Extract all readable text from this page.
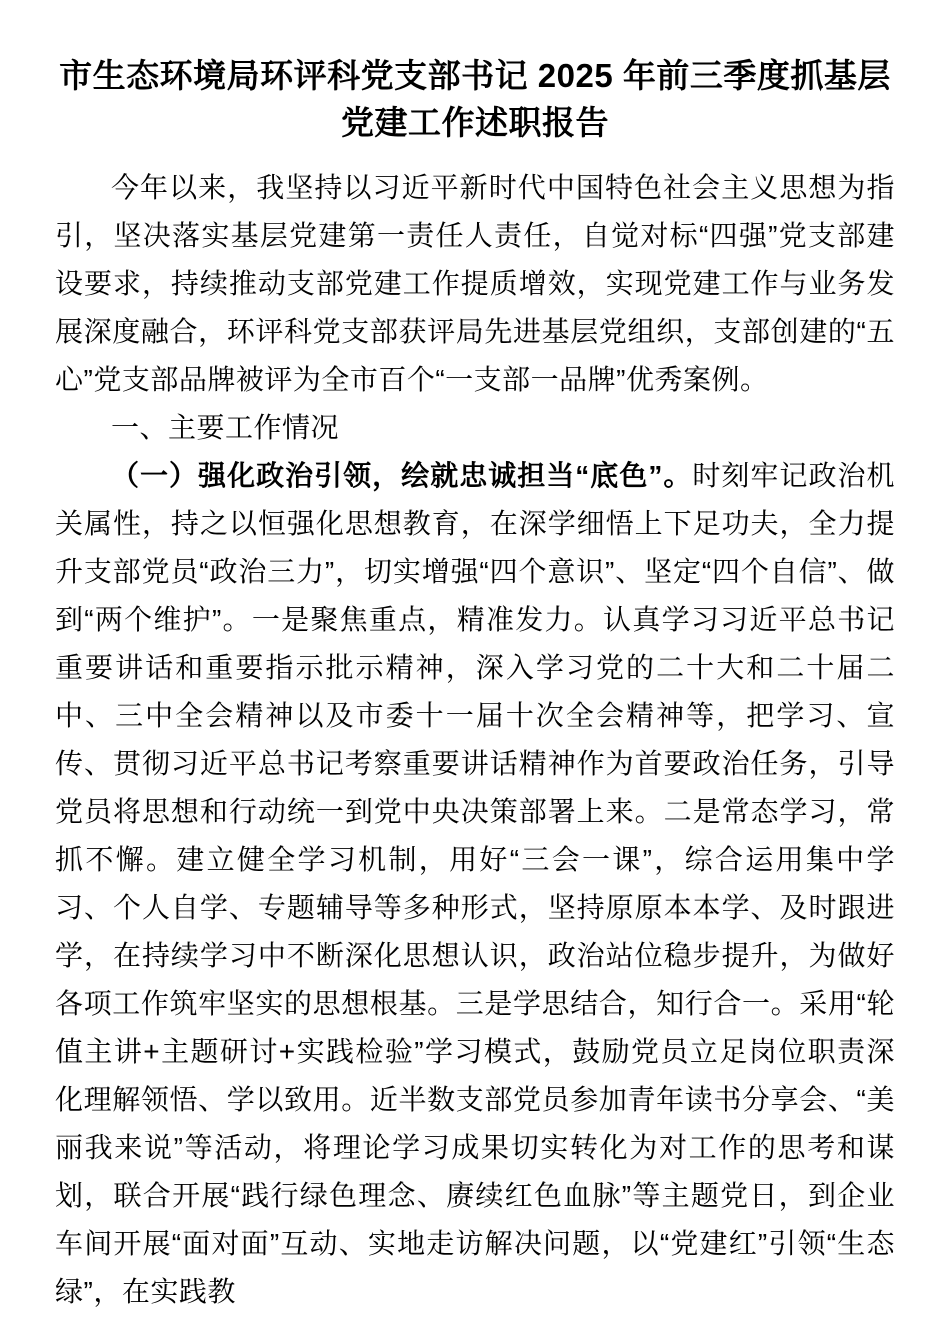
市生态环境局环评科党支部书记 2025 年前三季度抓基层党建工作述职报告

今年以来，我坚持以习近平新时代中国特色社会主义思想为指引，坚决落实基层党建第一责任人责任，自觉对标“四强”党支部建设要求，持续推动支部党建工作提质增效，实现党建工作与业务发展深度融合，环评科党支部获评局先进基层党组织，支部创建的“五心”党支部品牌被评为全市百个“一支部一品牌”优秀案例。

一、主要工作情况

（一）强化政治引领，绘就忠诚担当“底色”。时刻牢记政治机关属性，持之以恒强化思想教育，在深学细悟上下足功夫，全力提升支部党员“政治三力”，切实增强“四个意识”、坚定“四个自信”、做到“两个维护”。一是聚焦重点，精准发力。认真学习习近平总书记重要讲话和重要指示批示精神，深入学习党的二十大和二十届二中、三中全会精神以及市委十一届十次全会精神等，把学习、宣传、贯彻习近平总书记考察重要讲话精神作为首要政治任务，引导党员将思想和行动统一到党中央决策部署上来。二是常态学习，常抓不懈。建立健全学习机制，用好“三会一课”，综合运用集中学习、个人自学、专题辅导等多种形式，坚持原原本本学、及时跟进学，在持续学习中不断深化思想认识，政治站位稳步提升，为做好各项工作筑牢坚实的思想根基。三是学思结合，知行合一。采用“轮值主讲+主题研讨+实践检验”学习模式，鼓励党员立足岗位职责深化理解领悟、学以致用。近半数支部党员参加青年读书分享会、“美丽我来说”等活动，将理论学习成果切实转化为对工作的思考和谋划，联合开展“践行绿色理念、赓续红色血脉”等主题党日，到企业车间开展“面对面”互动、实地走访解决问题，以“党建红”引领“生态绿”，在实践教
